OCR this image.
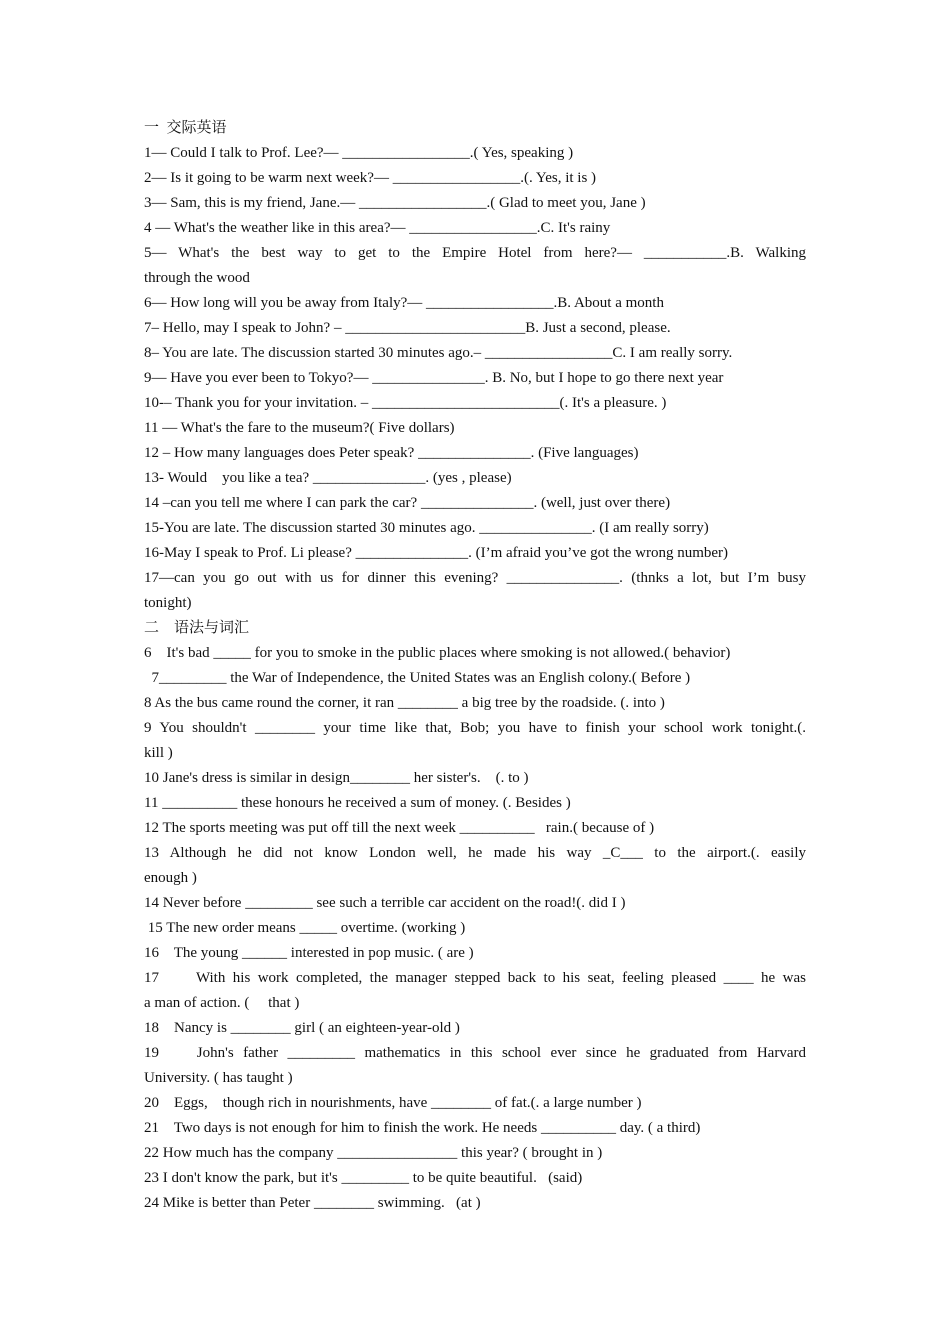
一  交际英语
1— Could I talk to Prof. Lee?— _________________.( Yes, speaking )
2— Is it going to be warm next week?— _________________.(. Yes, it is )
3— Sam, this is my friend, Jane.— _________________.( Glad to meet you, Jane )
4 — What's the weather like in this area?— _________________.C. It's rainy
5— What's the best way to get to the Empire Hotel from here?— ___________.B. Walking
through the wood
6— How long will you be away from Italy?— _________________.B. About a month
7– Hello, may I speak to John? – ________________________B. Just a second, please.
8– You are late. The discussion started 30 minutes ago.– _________________C. I am really sorry.
9— Have you ever been to Tokyo?— _______________. B. No, but I hope to go there next year
10-– Thank you for your invitation. – _________________________(. It's a pleasure. )
11 — What's the fare to the museum?( Five dollars)
12 – How many languages does Peter speak? _______________. (Five languages)
13- Would    you like a tea? _______________. (yes , please)
14 –can you tell me where I can park the car? _______________. (well, just over there)
15-You are late. The discussion started 30 minutes ago. _______________. (I am really sorry)
16-May I speak to Prof. Li please? _______________. (I’m afraid you’ve got the wrong number)
17—can you go out with us for dinner this evening? _______________. (thnks a lot, but I’m busy
tonight)
二    语法与词汇
6    It's bad _____ for you to smoke in the public places where smoking is not allowed.( behavior)
7_________ the War of Independence, the United States was an English colony.( Before )
8 As the bus came round the corner, it ran ________ a big tree by the roadside. (. into )
9 You shouldn't ________ your time like that, Bob; you have to finish your school work tonight.(.
kill )
10 Jane's dress is similar in design________ her sister's.    (. to )
11 __________ these honours he received a sum of money. (. Besides )
12 The sports meeting was put off till the next week __________   rain.( because of )
13 Although he did not know London well, he made his way _C___ to the airport.(. easily
enough )
14 Never before _________ see such a terrible car accident on the road!(. did I )
15 The new order means _____ overtime. (working )
16    The young ______ interested in pop music. ( are )
17     With his work completed, the manager stepped back to his seat, feeling pleased ____ he was
a man of action. (     that )
18    Nancy is ________ girl ( an eighteen-year-old )
19    John's father _________ mathematics in this school ever since he graduated from Harvard
University. ( has taught )
20    Eggs,    though rich in nourishments, have ________ of fat.(. a large number )
21    Two days is not enough for him to finish the work. He needs __________ day. ( a third)
22 How much has the company ________________ this year? ( brought in )
23 I don't know the park, but it's _________ to be quite beautiful.   (said)
24 Mike is better than Peter ________ swimming.   (at )
